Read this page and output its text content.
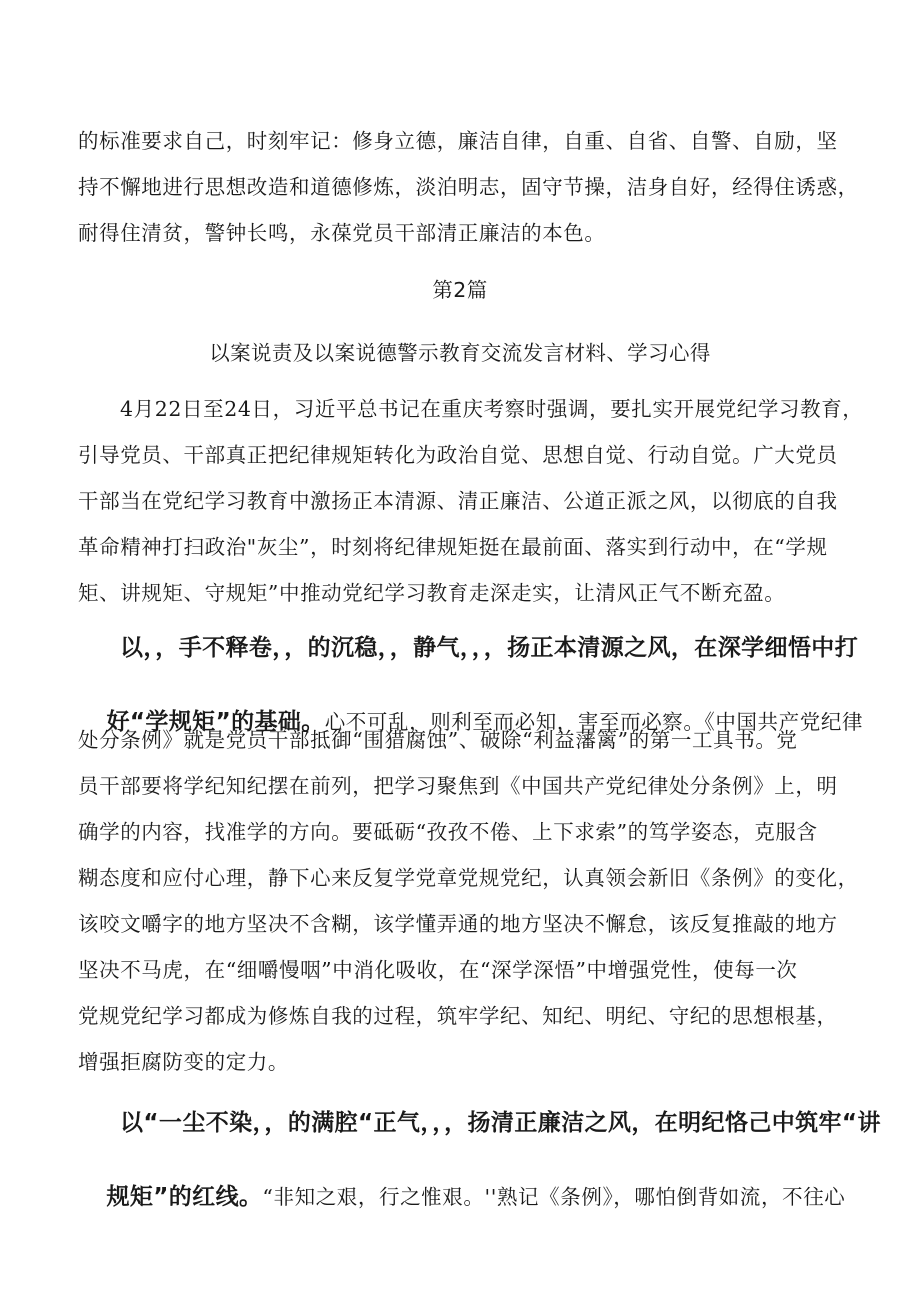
的标准要求自己，时刻牢记：修身立德，廉洁自律，自重、自省、自警、自励，坚
持不懈地进行思想改造和道德修炼，淡泊明志，固守节操，洁身自好，经得住诱惑，
耐得住清贫，警钟长鸣，永葆党员干部清正廉洁的本色。
第2篇
以案说责及以案说德警示教育交流发言材料、学习心得
4月22日至24日，习近平总书记在重庆考察时强调，要扎实开展党纪学习教育，
引导党员、干部真正把纪律规矩转化为政治自觉、思想自觉、行动自觉。广大党员
干部当在党纪学习教育中激扬正本清源、清正廉洁、公道正派之风，以彻底的自我
革命精神打扫政治"灰尘”，时刻将纪律规矩挺在最前面、落实到行动中，在“学规
矩、讲规矩、守规矩”中推动党纪学习教育走深走实，让清风正气不断充盈。
以，，手不释卷，，的沉稳，，静气，，，扬正本清源之风，在深学细悟中打

好“学规矩”的基础。心不可乱，则利至而必知，害至而必察。《中国共产党纪律

处分条例》就是党员干部抵御“围猎腐蚀”、破除“利益藩篱”的第一工具书。党
员干部要将学纪知纪摆在前列，把学习聚焦到《中国共产党纪律处分条例》上，明
确学的内容，找准学的方向。要砥砺“孜孜不倦、上下求索”的笃学姿态，克服含
糊态度和应付心理，静下心来反复学党章党规党纪，认真领会新旧《条例》的变化，
该咬文嚼字的地方坚决不含糊，该学懂弄通的地方坚决不懈怠，该反复推敲的地方
坚决不马虎，在“细嚼慢咽”中消化吸收，在“深学深悟”中增强党性，使每一次
党规党纪学习都成为修炼自我的过程，筑牢学纪、知纪、明纪、守纪的思想根基，
增强拒腐防变的定力。
以“一尘不染，，的满腔“正气，，，扬清正廉洁之风，在明纪恪己中筑牢“讲

规矩”的红线。“非知之艰，行之惟艰。''熟记《条例》，哪怕倒背如流，不往心
